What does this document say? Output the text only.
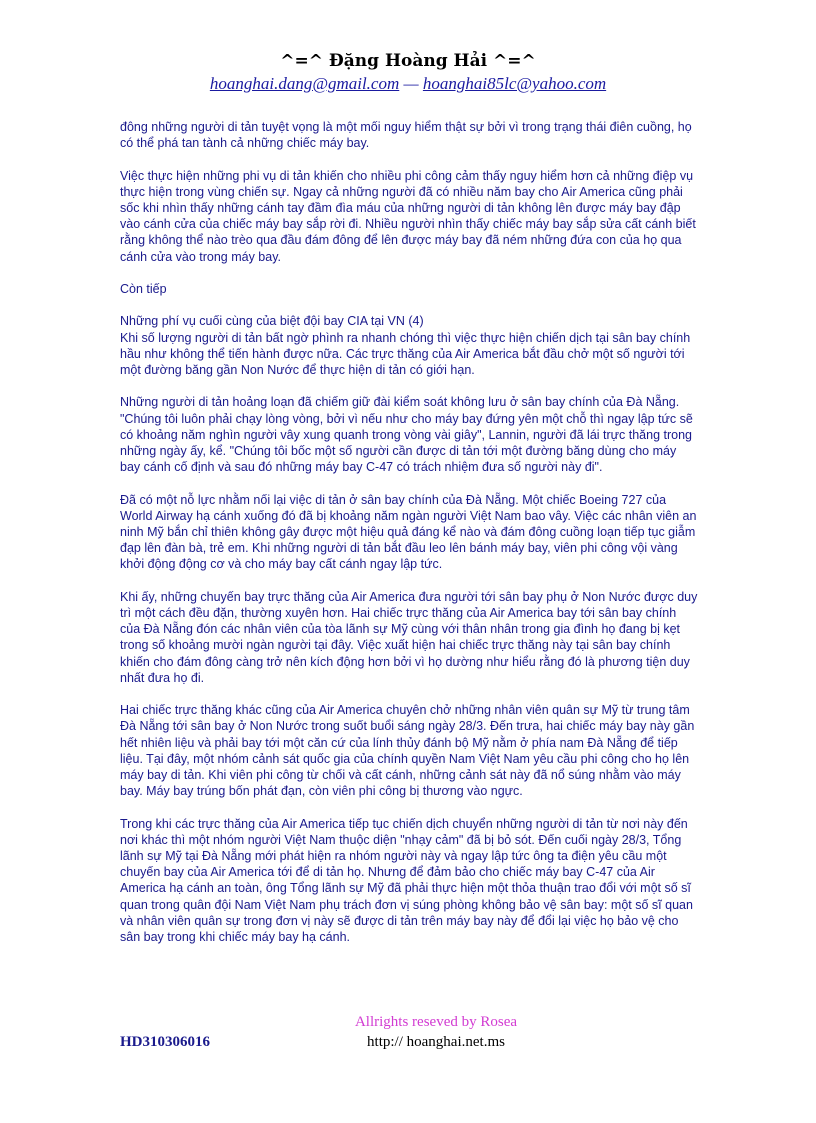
^=^ Đặng Hoàng Hải ^=^
hoanghai.dang@gmail.com — hoanghai85lc@yahoo.com

đông những người di tản tuyệt vọng là một mối nguy hiểm thật sự bởi vì trong trạng thái điên cuồng, họ có thể phá tan tành cả những chiếc máy bay.

Việc thực hiện những phi vụ di tản khiến cho nhiều phi công cảm thấy nguy hiểm hơn cả những điệp vụ thực hiện trong vùng chiến sự. Ngay cả những người đã có nhiều năm bay cho Air America cũng phải sốc khi nhìn thấy những cánh tay đầm đìa máu của những người di tản không lên được máy bay đập vào cánh cửa của chiếc máy bay sắp rời đi. Nhiều người nhìn thấy chiếc máy bay sắp sửa cất cánh biết rằng không thể nào trèo qua đầu đám đông để lên được máy bay đã ném những đứa con của họ qua cánh cửa vào trong máy bay.

Còn tiếp

Những phí vụ cuối cùng của biệt đội bay CIA tại VN (4)
Khi số lượng người di tản bất ngờ phình ra nhanh chóng thì việc thực hiện chiến dịch tại sân bay chính hầu như không thể tiến hành được nữa. Các trực thăng của Air America bắt đầu chở một số người tới một đường băng gần Non Nước để thực hiện di tản có giới hạn.

Những người di tản hoảng loạn đã chiếm giữ đài kiểm soát không lưu ở sân bay chính của Đà Nẵng. "Chúng tôi luôn phải chạy lòng vòng, bởi vì nếu như cho máy bay đứng yên một chỗ thì ngay lập tức sẽ có khoảng năm nghìn người vây xung quanh trong vòng vài giây", Lannin, người đã lái trực thăng trong những ngày ấy, kể. "Chúng tôi bốc một số người cần được di tản tới một đường băng dùng cho máy bay cánh cố định và sau đó những máy bay C-47 có trách nhiệm đưa số người này đi".

Đã có một nỗ lực nhằm nối lại việc di tản ở sân bay chính của Đà Nẵng. Một chiếc Boeing 727 của World Airway hạ cánh xuống đó đã bị khoảng năm ngàn người Việt Nam bao vây. Việc các nhân viên an ninh Mỹ bắn chỉ thiên không gây được một hiệu quả đáng kể nào và đám đông cuồng loạn tiếp tục giẫm đạp lên đàn bà, trẻ em. Khi những người di tản bắt đầu leo lên bánh máy bay, viên phi công vội vàng khởi động động cơ và cho máy bay cất cánh ngay lập tức.

Khi ấy, những chuyến bay trực thăng của Air America đưa người tới sân bay phụ ở Non Nước được duy trì một cách đều đặn, thường xuyên hơn. Hai chiếc trực thăng của Air America bay tới sân bay chính của Đà Nẵng đón các nhân viên của tòa lãnh sự Mỹ cùng với thân nhân trong gia đình họ đang bị kẹt trong số khoảng mười ngàn người tại đây. Việc xuất hiện hai chiếc trực thăng này tại sân bay chính khiến cho đám đông càng trở nên kích động hơn bởi vì họ dường như hiểu rằng đó là phương tiện duy nhất đưa họ đi.

Hai chiếc trực thăng khác cũng của Air America chuyên chở những nhân viên quân sự Mỹ từ trung tâm Đà Nẵng tới sân bay ở Non Nước trong suốt buổi sáng ngày 28/3. Đến trưa, hai chiếc máy bay này gần hết nhiên liệu và phải bay tới một căn cứ của lính thủy đánh bộ Mỹ nằm ở phía nam Đà Nẵng để tiếp liệu. Tại đây, một nhóm cảnh sát quốc gia của chính quyền Nam Việt Nam yêu cầu phi công cho họ lên máy bay di tản. Khi viên phi công từ chối và cất cánh, những cảnh sát này đã nổ súng nhằm vào máy bay. Máy bay trúng bốn phát đạn, còn viên phi công bị thương vào ngực.

Trong khi các trực thăng của Air America tiếp tục chiến dịch chuyển những người di tản từ nơi này đến nơi khác thì một nhóm người Việt Nam thuộc diện "nhạy cảm" đã bị bỏ sót. Đến cuối ngày 28/3, Tổng lãnh sự Mỹ tại Đà Nẵng mới phát hiện ra nhóm người này và ngay lập tức ông ta điện yêu cầu một chuyến bay của Air America tới để di tản họ. Nhưng để đảm bảo cho chiếc máy bay C-47 của Air America hạ cánh an toàn, ông Tổng lãnh sự Mỹ đã phải thực hiện một thỏa thuận trao đổi với một số sĩ quan trong quân đội Nam Việt Nam phụ trách đơn vị súng phòng không bảo vệ sân bay: một số sĩ quan và nhân viên quân sự trong đơn vị này sẽ được di tản trên máy bay này để đổi lại việc họ bảo vệ cho sân bay trong khi chiếc máy bay hạ cánh.

Allrights reseved by Rosea
HD310306016	http:// hoanghai.net.ms
